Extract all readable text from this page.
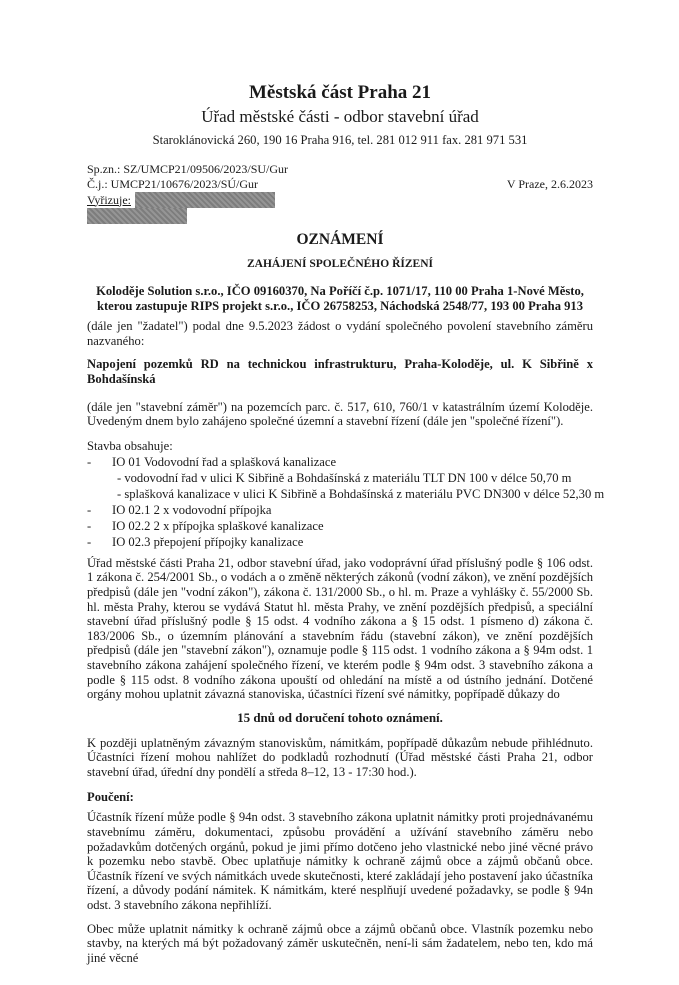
Městská část Praha 21
Úřad městské části - odbor stavební úřad
Staroklánovická 260, 190 16 Praha 916, tel. 281 012 911 fax. 281 971 531
Sp.zn.: SZ/UMCP21/09506/2023/SU/Gur
Č.j.: UMCP21/10676/2023/SÚ/Gur	V Praze, 2.6.2023
Vyřizuje:
OZNÁMENÍ
ZAHÁJENÍ SPOLEČNÉHO ŘÍZENÍ

Koloděje Solution s.r.o., IČO 09160370, Na Poříčí č.p. 1071/17, 110 00 Praha 1-Nové Město, kterou zastupuje RIPS projekt s.r.o., IČO 26758253, Náchodská 2548/77, 193 00 Praha 913

(dále jen "žadatel") podal dne 9.5.2023 žádost o vydání společného povolení stavebního záměru nazvaného:

Napojení pozemků RD na technickou infrastrukturu, Praha-Koloděje, ul. K Sibřině x Bohdašínská

(dále jen "stavební záměr") na pozemcích parc. č. 517, 610, 760/1 v katastrálním území Koloděje. Uvedeným dnem bylo zahájeno společné územní a stavební řízení (dále jen "společné řízení").

Stavba obsahuje:
- IO 01 Vodovodní řad a splašková kanalizace
- vodovodní řad v ulici K Sibřině a Bohdašínská z materiálu TLT DN 100 v délce 50,70 m
- splašková kanalizace v ulici K Sibřině a Bohdašínská z materiálu PVC DN300 v délce 52,30 m
- IO 02.1 2 x vodovodní přípojka
- IO 02.2 2 x přípojka splaškové kanalizace
- IO 02.3 přepojení přípojky kanalizace

Úřad městské části Praha 21, odbor stavební úřad, jako vodoprávní úřad příslušný podle § 106 odst. 1 zákona č. 254/2001 Sb., o vodách a o změně některých zákonů (vodní zákon), ve znění pozdějších předpisů (dále jen "vodní zákon"), zákona č. 131/2000 Sb., o hl. m. Praze a vyhlášky č. 55/2000 Sb. hl. města Prahy, kterou se vydává Statut hl. města Prahy, ve znění pozdějších předpisů, a speciální stavební úřad příslušný podle § 15 odst. 4 vodního zákona a § 15 odst. 1 písmeno d) zákona č. 183/2006 Sb., o územním plánování a stavebním řádu (stavební zákon), ve znění pozdějších předpisů (dále jen "stavební zákon"), oznamuje podle § 115 odst. 1 vodního zákona a § 94m odst. 1 stavebního zákona zahájení společného řízení, ve kterém podle § 94m odst. 3 stavebního zákona a podle § 115 odst. 8 vodního zákona upouští od ohledání na místě a od ústního jednání. Dotčené orgány mohou uplatnit závazná stanoviska, účastníci řízení své námitky, popřípadě důkazy do

15 dnů od doručení tohoto oznámení.

K později uplatněným závazným stanoviskům, námitkám, popřípadě důkazům nebude přihlédnuto. Účastníci řízení mohou nahlížet do podkladů rozhodnutí (Úřad městské části Praha 21, odbor stavební úřad, úřední dny pondělí a středa 8–12, 13 - 17:30 hod.).

Poučení:

Účastník řízení může podle § 94n odst. 3 stavebního zákona uplatnit námitky proti projednávanému stavebnímu záměru, dokumentaci, způsobu provádění a užívání stavebního záměru nebo požadavkům dotčených orgánů, pokud je jimi přímo dotčeno jeho vlastnické nebo jiné věcné právo k pozemku nebo stavbě. Obec uplatňuje námitky k ochraně zájmů obce a zájmů občanů obce. Účastník řízení ve svých námitkách uvede skutečnosti, které zakládají jeho postavení jako účastníka řízení, a důvody podání námitek. K námitkám, které nesplňují uvedené požadavky, se podle § 94n odst. 3 stavebního zákona nepřihlíží.

Obec může uplatnit námitky k ochraně zájmů obce a zájmů občanů obce. Vlastník pozemku nebo stavby, na kterých má být požadovaný záměr uskutečněn, není-li sám žadatelem, nebo ten, kdo má jiné věcné
